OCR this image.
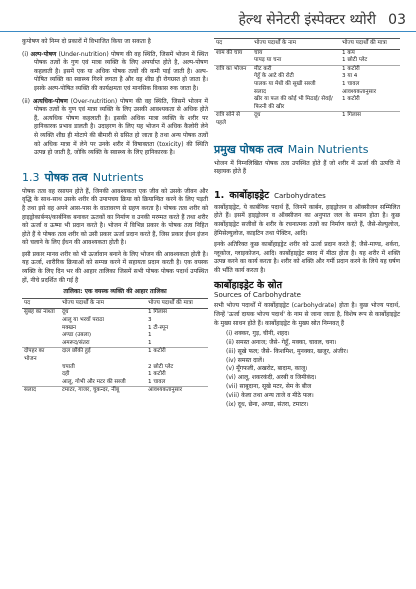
हेल्थ सेनेटरी इंस्पेक्टर थ्योरी 03

कुपोषण को निम्न दो प्रकारों में विभाजित किया जा सकता है

(i) अल्प-पोषण (Under-nutrition) पोषण की वह स्थिति, जिसमें भोजन में स्थित पोषक तत्वों के गुण एवं मात्रा व्यक्ति के लिए अपर्याप्त होते है, अल्प-पोषण कहलाती है। इसमें एक या अधिक पोषक तत्वों की कमी पाई जाती है। अल्प-पोषित व्यक्ति का स्वास्थ्य गिरने लगता है और वह शीघ्र ही रोगग्रस्त हो जाता है। इसके अल्प-पोषित व्यक्ति की कार्यक्षमता एवं मानसिक विकास रुक जाता है।

(ii) अत्यधिक-पोषण (Over-nutrition) पोषण की वह स्थिति, जिसमें भोजन में पोषक तत्वों के गुण एवं मात्रा व्यक्ति के लिए उसकी आवश्यकता से अधिक होते हैं, अत्यधिक पोषण कहलाती है। इसकी अधिक मात्रा व्यक्ति के शरीर पर हानिकारक प्रभाव डालती है। उदाहरण के लिए यह भोजन में अधिक कैलोरी लेने से व्यक्ति शीघ्र ही मोटापे की बीमारी से ग्रसित हो जाता है तथा अन्य पोषक तत्वों को अधिक मात्रा में लेने पर उनके शरीर में विषाक्तता (toxicity) की स्थिति उत्पन्न हो जाती है, जोकि व्यक्ति के स्वास्थ्य के लिए हानिकारक है।

1.3 पोषक तत्व Nutrients

पोषक तत्व वह रसायन होते हैं, जिनकी आवश्यकता एक जीव को उसके जीवन और वृद्धि के साथ-साथ उसके शरीर की उपापचय क्रिया को क्रियान्वित करने के लिए पड़ती है तथा इसे वह अपने आस-पास के वातावरण से ग्रहण करता है। पोषक तत्व शरीर को हाइड्रोकार्बन्स/कार्बनिक बनाकर ऊतकों का निर्माण व उनकी मरम्मत करते हैं तथा शरीर को ऊर्जा व ऊष्मा भी प्रदान करते है। भोजन में विभिन्न प्रकार के पोषक तत्व निहित होते हैं ये पोषक तत्व शरीर को उसी प्रकार ऊर्जा प्रदान करते हैं, जिस प्रकार ईंधन इंजन को चलाने के लिए ईंधन की आवश्यकता होती है।

इसी प्रकार मानव शरीर को भी ऊर्जावान बनाने के लिए भोजन की आवश्यकता होती है। यह ऊर्जा, शारीरिक क्रियाओं को सम्पन्न करने में सहायता प्रदान करती है। एक वयस्क व्यक्ति के लिए दिन भर की आहार तालिका जिसमें सभी पोषक पोषक पदार्थ उपस्थित हों, नीचे प्रदर्शित की गई है

तालिका: एक वयस्क व्यक्ति की आहार तालिका
पद	भोज्य पदार्थों के नाम	भोज्य पदार्थों की मात्रा
सुबह का नाश्ता	दूध	1 गिलास
	आलू या भरवाँ पराठा	3
	मक्खन	1 टी-स्पून
	अण्डा (उबला)	1
	अमरूद/संतरा	1
दोपहर का भोजन	दाल छौंकी हुई	1 कटोरी
	चपाती	2 छोटी प्लेट
	दही	1 कटोरी
	आलू, गोभी और मटर की सब्जी	1 चावल
सलाद	टमाटर, गाजर, चुकन्दर, नींबू	आवश्यकतानुसार
पद	भोज्य पदार्थों के नाम	भोज्य पदार्थों की मात्रा
शाम की चाय	चाय	1 कप
	पापड़ या चना	1 छोटी प्लेट
रात्रि का भोजन	मीट करी	1 कटोरी
	गेहूँ के आटे की रोटी	3 या 4
	पालक या मेथी की सूखी सब्जी	1 चावल
	सलाद	आवश्यकतानुसार
	खीर या फल की कोई भी मिठाई/ सेवई/फिरनी की खीर	1 कटोरी
रात्रि सोने से पहले	दूध	1 गिलास
प्रमुख पोषक तत्व Main Nutrients

भोजन में निम्नलिखित पोषक तत्व उपस्थित होते हैं जो शरीर में ऊर्जा की उत्पत्ति में सहायक होते हैं

1. कार्बोहाइड्रेट Carbohydrates

कार्बोहाइड्रेट, ये कार्बनिक पदार्थ हैं, जिनमें कार्बन, हाइड्रोजन व ऑक्सीजन सम्मिलित होते हैं। इसमें हाइड्रोजन व ऑक्सीजन का अनुपात जल के समान होता है। कुछ कार्बोहाइड्रेट सजीवों के शरीर के रचनात्मक तत्वों का निर्माण करते हैं, जैसे-सेल्युलोज, हेमिसेल्युलोज, काइटिन तथा पेक्टिन, आदि।

इनके अतिरिक्त कुछ कार्बोहाइड्रेट शरीर को ऊर्जा प्रदान करते हैं; जैसे-माण्ड, शर्करा, ग्लूकोज, ग्लाइकोजन, आदि। कार्बोहाइड्रेट स्वाद में मीठा होता है। यह शरीर में शक्ति उत्पन्न करने का कार्य करता है। शरीर को शक्ति और गर्मी प्रदान करने के लिये यह घर्षण की भाँति कार्य करता है।

कार्बोहाइड्रेट के स्रोत
Sources of Carbohydrate

सभी भोज्य पदार्थों में कार्बोहाइड्रेट (carbohydrate) होता है। कुछ भोज्य पदार्थ, जिन्हें 'ऊर्जा दायक भोज्य पदार्थ' के नाम से जाना जाता है, विशेष रूप से कार्बोहाइड्रेट के मुख्य साधन होते हैं। कार्बोहाइड्रेट के मुख्य स्रोत निम्नवत् हैं

(i) शक्कर, गुड़, चीनी, शहद।
(ii) समस्त अनाज; जैसे- गेहूँ, मक्का, चावल, चना।
(iii) सूखे फल; जैसे- किशमिश, मुनक्का, खजूर, अंजीर।
(iv) समस्त दालें।
(v) मूँगफली, अखरोट, बादाम, काजू।
(vi) आलू, शकरकंदी, अरबी व जिमीकंद।
(vii) साबूदाना, सूखे मटर, सेम के बीज
(viii) केला तथा अन्य ताजे व मीठे फल।
(ix) दूध, छेना, अण्डा, संतरा, टमाटर।
